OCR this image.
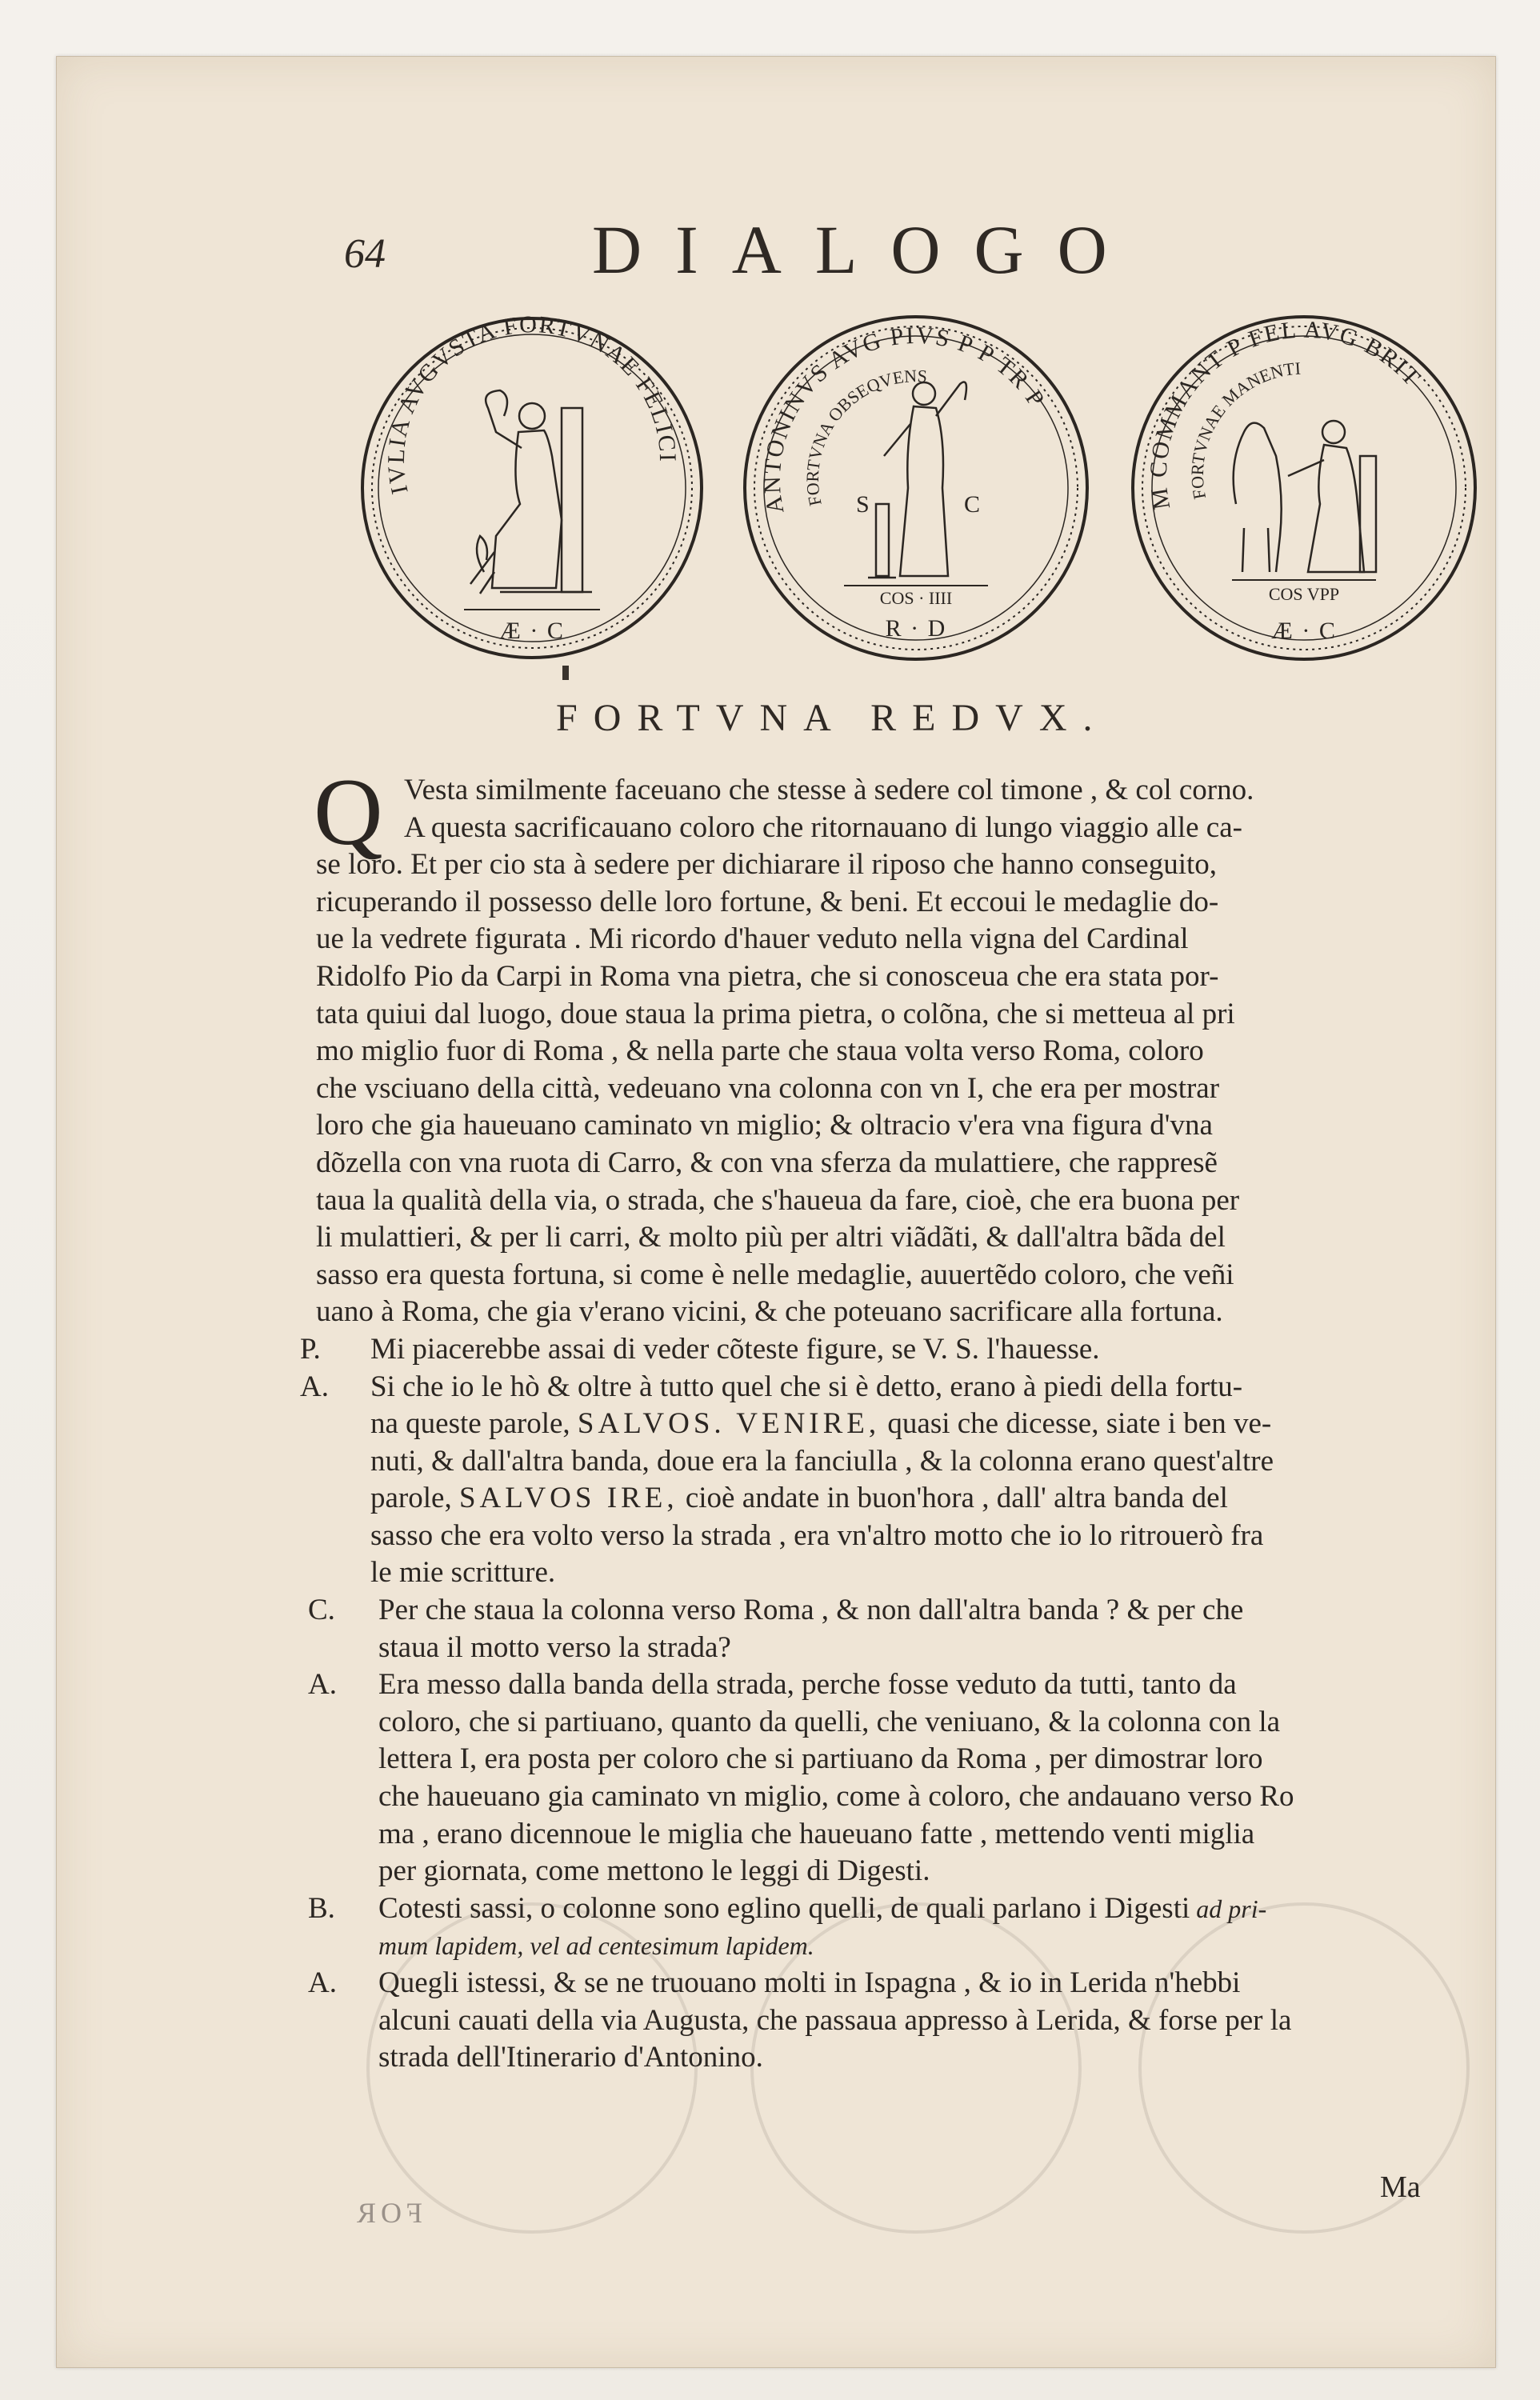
64	DIALOGO
IVLIA AVGVSTA FORTVNAE FELICI
Æ · C
ANTONINVS AVG PIVS P P TR P
FORTVNA OBSEQVENS
S	C
COS · IIII
R · D
M COMMANT P FEL AVG BRIT
FORTVNAE MANENTI
COS VPP
Æ · C
FORTVNA REDVX.
Q Vesta similmente faceuano che stesse à sedere col timone , & col corno.
A questa sacrificauano coloro che ritornauano di lungo viaggio alle ca-
se loro. Et per cio sta à sedere per dichiarare il riposo che hanno conseguito,
ricuperando il possesso delle loro fortune, & beni. Et eccoui le medaglie do-
ue la vedrete figurata . Mi ricordo d'hauer veduto nella vigna del Cardinal
Ridolfo Pio da Carpi in Roma vna pietra, che si conosceua che era stata por-
tata quiui dal luogo, doue staua la prima pietra, o colõna, che si metteua al pri
mo miglio fuor di Roma , & nella parte che staua volta verso Roma, coloro
che vsciuano della città, vedeuano vna colonna con vn I, che era per mostrar
loro che gia haueuano caminato vn miglio; & oltracio v'era vna figura d'vna
dõzella con vna ruota di Carro, & con vna sferza da mulattiere, che rappresẽ
taua la qualità della via, o strada, che s'haueua da fare, cioè, che era buona per
li mulattieri, & per li carri, & molto più per altri viãdãti, & dall'altra bãda del
sasso era questa fortuna, si come è nelle medaglie, auuertẽdo coloro, che veñi
uano à Roma, che gia v'erano vicini, & che poteuano sacrificare alla fortuna.
P. Mi piacerebbe assai di veder cõteste figure, se V. S. l'hauesse.
A. Si che io le hò & oltre à tutto quel che si è detto, erano à piedi della fortu-
na queste parole, SALVOS. VENIRE, quasi che dicesse, siate i ben ve-
nuti, & dall'altra banda, doue era la fanciulla , & la colonna erano quest'altre
parole, SALVOS IRE, cioè andate in buon'hora , dall' altra banda del
sasso che era volto verso la strada , era vn'altro motto che io lo ritrouerò fra
le mie scritture.
C. Per che staua la colonna verso Roma , & non dall'altra banda ? & per che
staua il motto verso la strada?
A. Era messo dalla banda della strada, perche fosse veduto da tutti, tanto da
coloro, che si partiuano, quanto da quelli, che veniuano, & la colonna con la
lettera I, era posta per coloro che si partiuano da Roma , per dimostrar loro
che haueuano gia caminato vn miglio, come à coloro, che andauano verso Ro
ma , erano dicennoue le miglia che haueuano fatte , mettendo venti miglia
per giornata, come mettono le leggi di Digesti.
B. Cotesti sassi, o colonne sono eglino quelli, de quali parlano i Digesti ad pri-
mum lapidem, vel ad centesimum lapidem.
A. Quegli istessi, & se ne truouano molti in Ispagna , & io in Lerida n'hebbi
alcuni cauati della via Augusta, che passaua appresso à Lerida, & forse per la
strada dell'Itinerario d'Antonino.
FOR
Ma
